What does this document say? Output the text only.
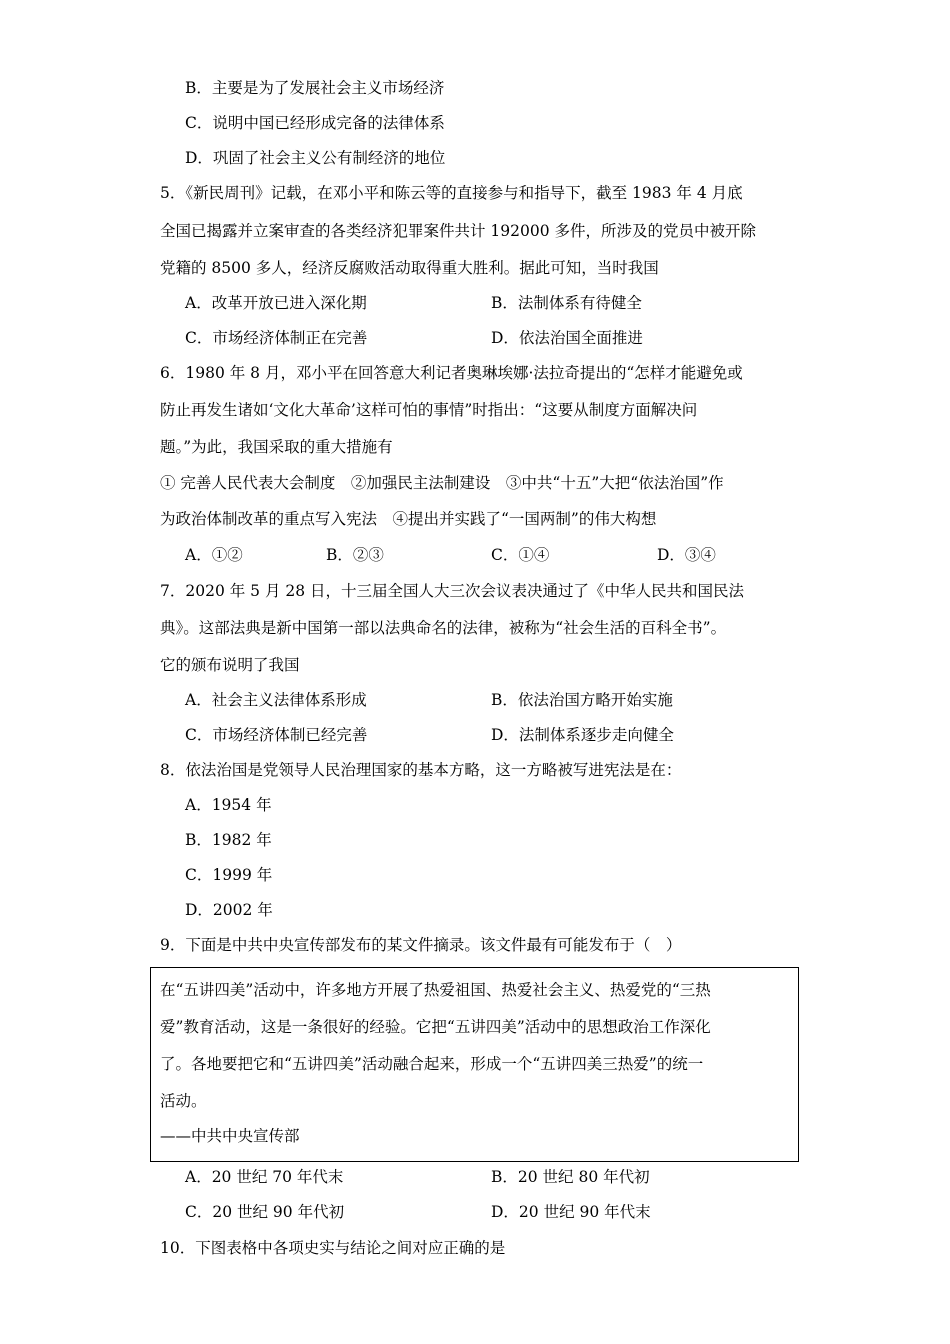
B．主要是为了发展社会主义市场经济
C．说明中国已经形成完备的法律体系
D．巩固了社会主义公有制经济的地位
5．《新民周刊》记载，在邓小平和陈云等的直接参与和指导下，截至 1983 年 4 月底
全国已揭露并立案审查的各类经济犯罪案件共计 192000 多件，所涉及的党员中被开除
党籍的 8500 多人，经济反腐败活动取得重大胜利。据此可知，当时我国
A．改革开放已进入深化期	B．法制体系有待健全
C．市场经济体制正在完善	D．依法治国全面推进
6．1980 年 8 月，邓小平在回答意大利记者奥琳埃娜·法拉奇提出的“怎样才能避免或
防止再发生诸如‘文化大革命’这样可怕的事情”时指出：“这要从制度方面解决问
题。”为此，我国采取的重大措施有
① 完善人民代表大会制度　②加强民主法制建设　③中共“十五”大把“依法治国”作
为政治体制改革的重点写入宪法　④提出并实践了“一国两制”的伟大构想
A．①②	B．②③	C．①④	D．③④
7．2020 年 5 月 28 日，十三届全国人大三次会议表决通过了《中华人民共和国民法
典》。这部法典是新中国第一部以法典命名的法律，被称为“社会生活的百科全书”。
它的颁布说明了我国
A．社会主义法律体系形成	B．依法治国方略开始实施
C．市场经济体制已经完善	D．法制体系逐步走向健全
8．依法治国是党领导人民治理国家的基本方略，这一方略被写进宪法是在：
A．1954 年
B．1982 年
C．1999 年
D．2002 年
9．下面是中共中央宣传部发布的某文件摘录。该文件最有可能发布于（　）
在“五讲四美”活动中，许多地方开展了热爱祖国、热爱社会主义、热爱党的“三热
爱”教育活动，这是一条很好的经验。它把“五讲四美”活动中的思想政治工作深化
了。各地要把它和“五讲四美”活动融合起来，形成一个“五讲四美三热爱”的统一
活动。
——中共中央宣传部
A．20 世纪 70 年代末	B．20 世纪 80 年代初
C．20 世纪 90 年代初	D．20 世纪 90 年代末
10．下图表格中各项史实与结论之间对应正确的是
